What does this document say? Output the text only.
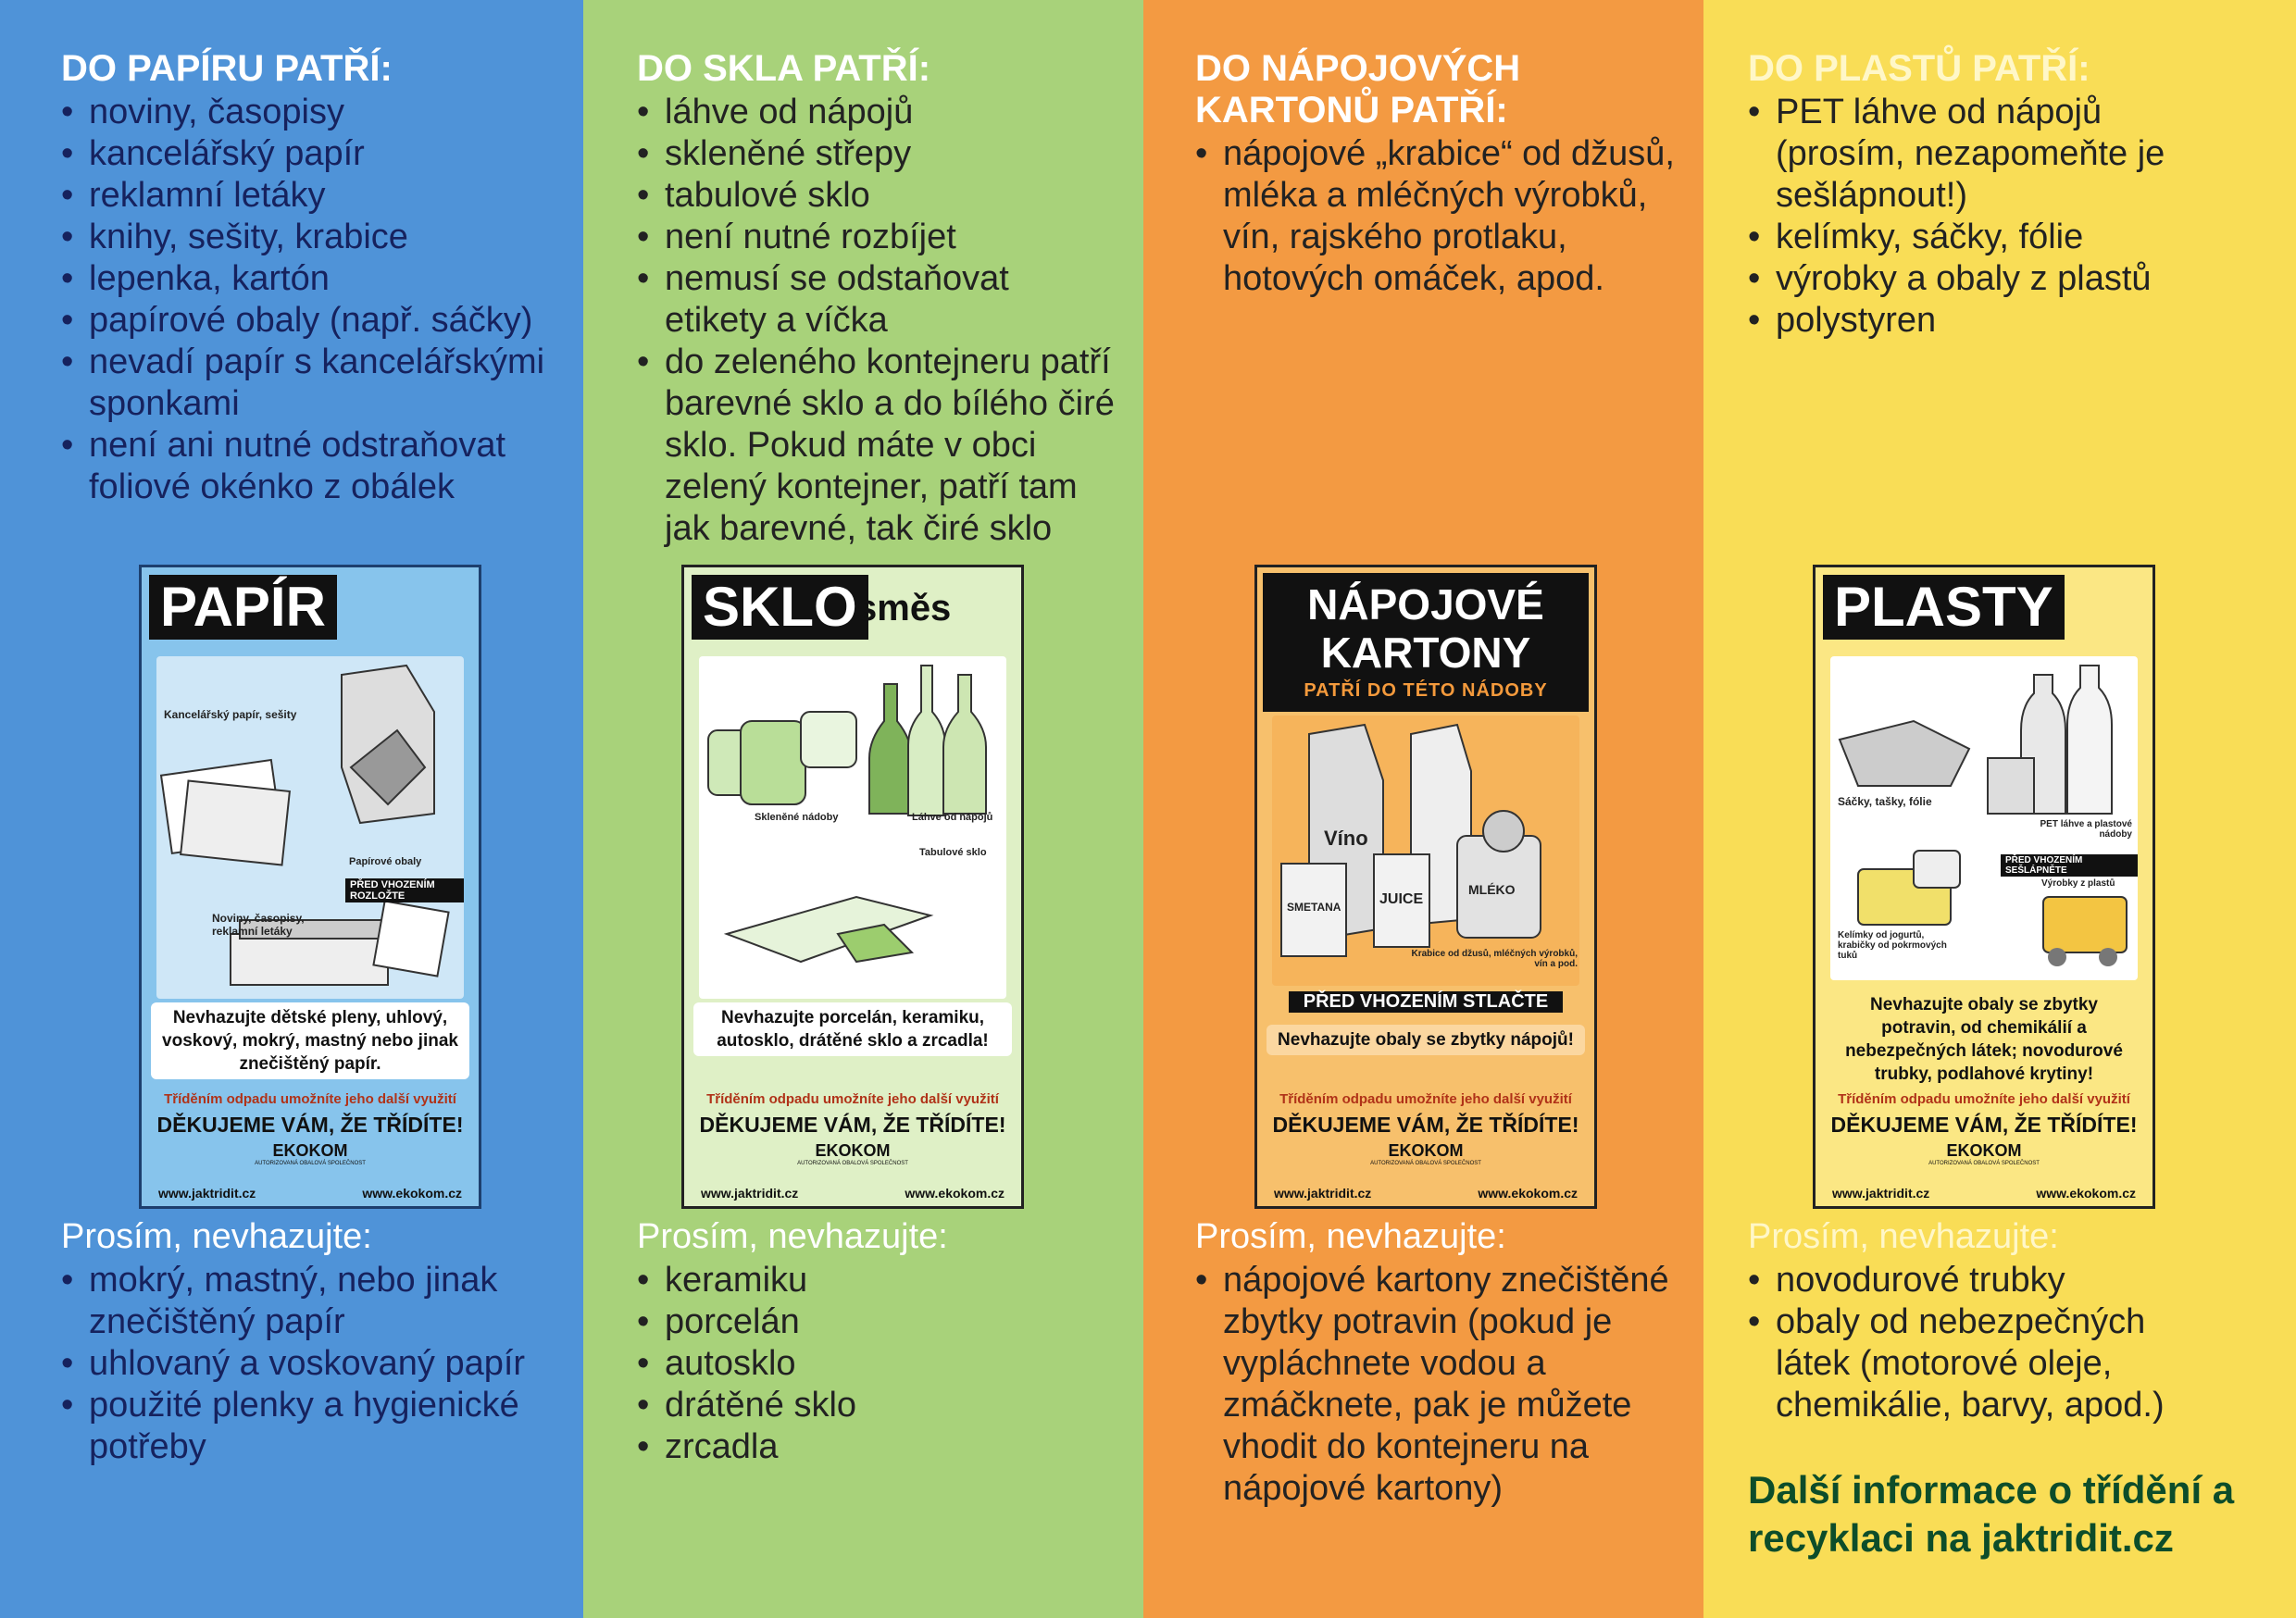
DO PAPÍRU PATŘÍ:
• noviny, časopisy
• kancelářský papír
• reklamní letáky
• knihy, sešity, krabice
• lepenka, kartón
• papírové obaly (např. sáčky)
• nevadí papír s kancelářskými sponkami
• není ani nutné odstraňovat foliové okénko z obálek
PAPÍR
Kancelářský papír, sešity
Papírové obaly
PŘED VHOZENÍM ROZLOŽTE
Noviny, časopisy, reklamní letáky
Nevhazujte dětské pleny, uhlový, voskový, mokrý, mastný nebo jinak znečištěný papír.
Tříděním odpadu umožníte jeho další využití
DĚKUJEME VÁM, ŽE TŘÍDÍTE!
EKOKOM
AUTORIZOVANÁ OBALOVÁ SPOLEČNOST
www.jaktridit.cz	www.ekokom.cz
Prosím, nevhazujte:
• mokrý, mastný, nebo jinak znečištěný papír
• uhlovaný a voskovaný papír
• použité plenky a hygienické potřeby
DO SKLA PATŘÍ:
• láhve od nápojů
• skleněné střepy
• tabulové sklo
• není nutné rozbíjet
• nemusí se odstaňovat etikety a víčka
• do zeleného kontejneru patří barevné sklo a do bílého čiré sklo. Pokud máte v obci zelený kontejner, patří tam jak barevné, tak čiré sklo
SKLO směs
Skleněné nádoby	Láhve od nápojů
Tabulové sklo
Nevhazujte porcelán, keramiku, autosklo, drátěné sklo a zrcadla!
Tříděním odpadu umožníte jeho další využití
DĚKUJEME VÁM, ŽE TŘÍDÍTE!
EKOKOM
AUTORIZOVANÁ OBALOVÁ SPOLEČNOST
www.jaktridit.cz	www.ekokom.cz
Prosím, nevhazujte:
• keramiku
• porcelán
• autosklo
• drátěné sklo
• zrcadla
DO NÁPOJOVÝCH KARTONŮ PATŘÍ:
• nápojové „krabice“ od džusů, mléka a mléčných výrobků, vín, rajského protlaku, hotových omáček, apod.
NÁPOJOVÉ KARTONY
PATŘÍ DO TÉTO NÁDOBY
Víno
SMETANA	JUICE
MLÉKO
Krabice od džusů, mléčných výrobků, vín a pod.
PŘED VHOZENÍM STLAČTE
Nevhazujte obaly se zbytky nápojů!
Tříděním odpadu umožníte jeho další využití
DĚKUJEME VÁM, ŽE TŘÍDÍTE!
EKOKOM
AUTORIZOVANÁ OBALOVÁ SPOLEČNOST
www.jaktridit.cz	www.ekokom.cz
Prosím, nevhazujte:
• nápojové kartony znečištěné zbytky potravin (pokud je vypláchnete vodou a zmáčknete, pak je můžete vhodit do kontejneru na nápojové kartony)
DO PLASTŮ PATŘÍ:
• PET láhve od nápojů (prosím, nezapomeňte je sešlápnout!)
• kelímky, sáčky, fólie
• výrobky a obaly z plastů
• polystyren
PLASTY
Sáčky, tašky, fólie
PET láhve a plastové nádoby
PŘED VHOZENÍM SEŠLÁPNĚTE
Výrobky z plastů
Kelímky od jogurtů, krabičky od pokrmových tuků
Nevhazujte obaly se zbytky potravin, od chemikálií a nebezpečných látek; novodurové trubky, podlahové krytiny!
Tříděním odpadu umožníte jeho další využití
DĚKUJEME VÁM, ŽE TŘÍDÍTE!
EKOKOM
AUTORIZOVANÁ OBALOVÁ SPOLEČNOST
www.jaktridit.cz	www.ekokom.cz
Prosím, nevhazujte:
• novodurové trubky
• obaly od nebezpečných látek (motorové oleje, chemikálie, barvy, apod.)
Další informace o třídění a recyklaci na jaktridit.cz
